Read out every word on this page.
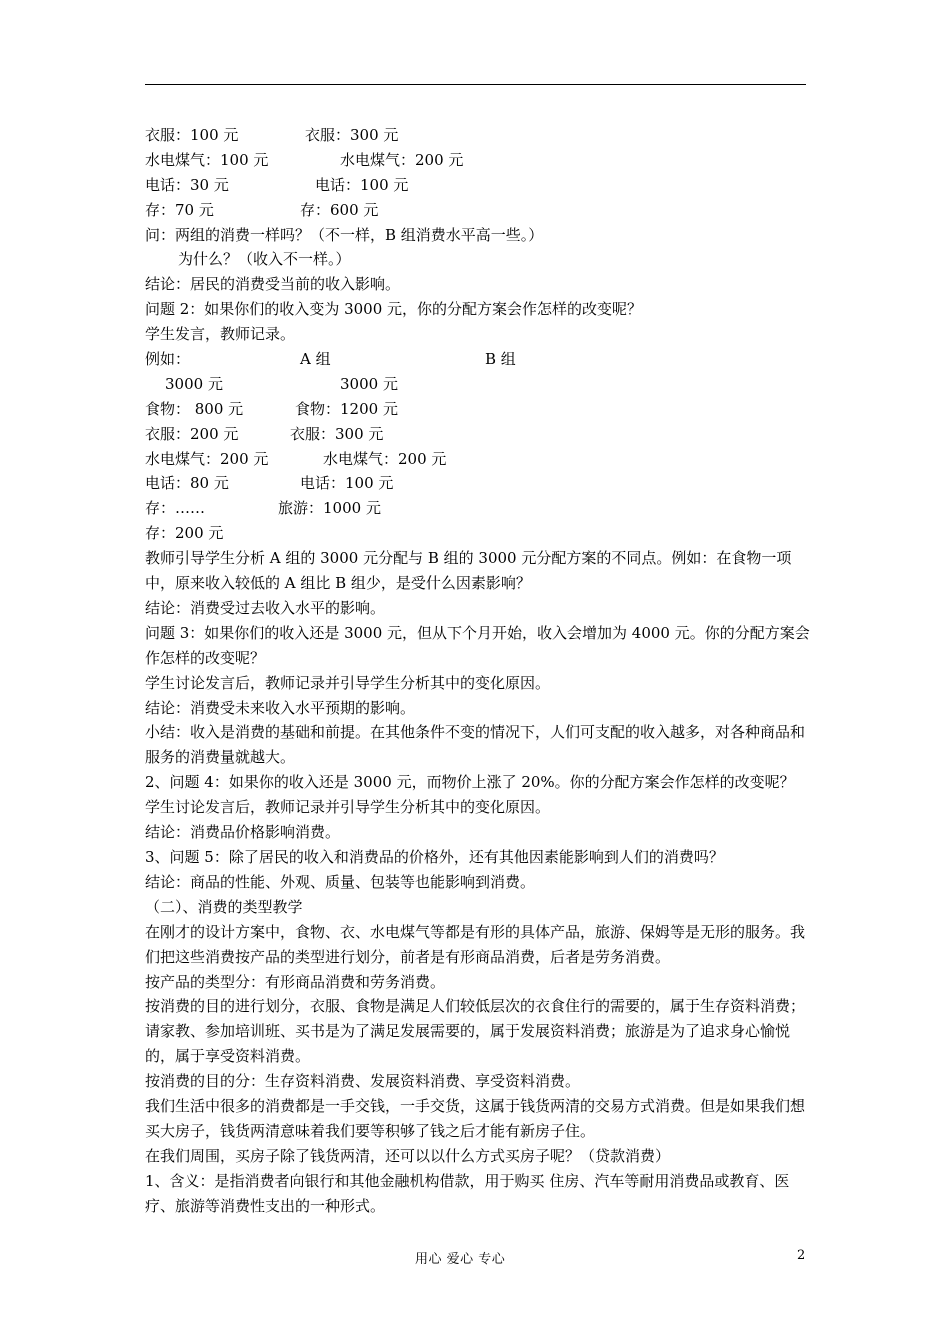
衣服：100 元	衣服：300 元
水电煤气：100 元	水电煤气：200 元
电话：30 元	电话：100 元
存：70 元	存：600 元
问：两组的消费一样吗？（不一样，B 组消费水平高一些。）
为什么？（收入不一样。）
结论：居民的消费受当前的收入影响。
问题 2：如果你们的收入变为 3000 元，你的分配方案会作怎样的改变呢？
学生发言，教师记录。
例如：	A 组	B 组
3000 元	3000 元
食物： 800 元	食物：1200 元
衣服：200 元	衣服：300 元
水电煤气：200 元	水电煤气：200 元
电话：80 元	电话：100 元
存：……	旅游：1000 元
存：200 元
教师引导学生分析 A 组的 3000 元分配与 B 组的 3000 元分配方案的不同点。例如：在食物一项中，原来收入较低的 A 组比 B 组少，是受什么因素影响？
结论：消费受过去收入水平的影响。
问题 3：如果你们的收入还是 3000 元，但从下个月开始，收入会增加为 4000 元。你的分配方案会作怎样的改变呢？
学生讨论发言后，教师记录并引导学生分析其中的变化原因。
结论：消费受未来收入水平预期的影响。
小结：收入是消费的基础和前提。在其他条件不变的情况下，人们可支配的收入越多，对各种商品和服务的消费量就越大。
2、问题 4：如果你的收入还是 3000 元，而物价上涨了 20%。你的分配方案会作怎样的改变呢？
学生讨论发言后，教师记录并引导学生分析其中的变化原因。
结论：消费品价格影响消费。
3、问题 5：除了居民的收入和消费品的价格外，还有其他因素能影响到人们的消费吗？
结论：商品的性能、外观、质量、包装等也能影响到消费。
（二）、消费的类型教学
在刚才的设计方案中，食物、衣、水电煤气等都是有形的具体产品，旅游、保姆等是无形的服务。我们把这些消费按产品的类型进行划分，前者是有形商品消费，后者是劳务消费。
按产品的类型分：有形商品消费和劳务消费。
按消费的目的进行划分，衣服、食物是满足人们较低层次的衣食住行的需要的，属于生存资料消费；请家教、参加培训班、买书是为了满足发展需要的，属于发展资料消费；旅游是为了追求身心愉悦的，属于享受资料消费。
按消费的目的分：生存资料消费、发展资料消费、享受资料消费。
我们生活中很多的消费都是一手交钱，一手交货，这属于钱货两清的交易方式消费。但是如果我们想买大房子，钱货两清意味着我们要等积够了钱之后才能有新房子住。
在我们周围，买房子除了钱货两清，还可以以什么方式买房子呢？（贷款消费）
1、含义：是指消费者向银行和其他金融机构借款，用于购买 住房、汽车等耐用消费品或教育、医疗、旅游等消费性支出的一种形式。
用心 爱心 专心	2
